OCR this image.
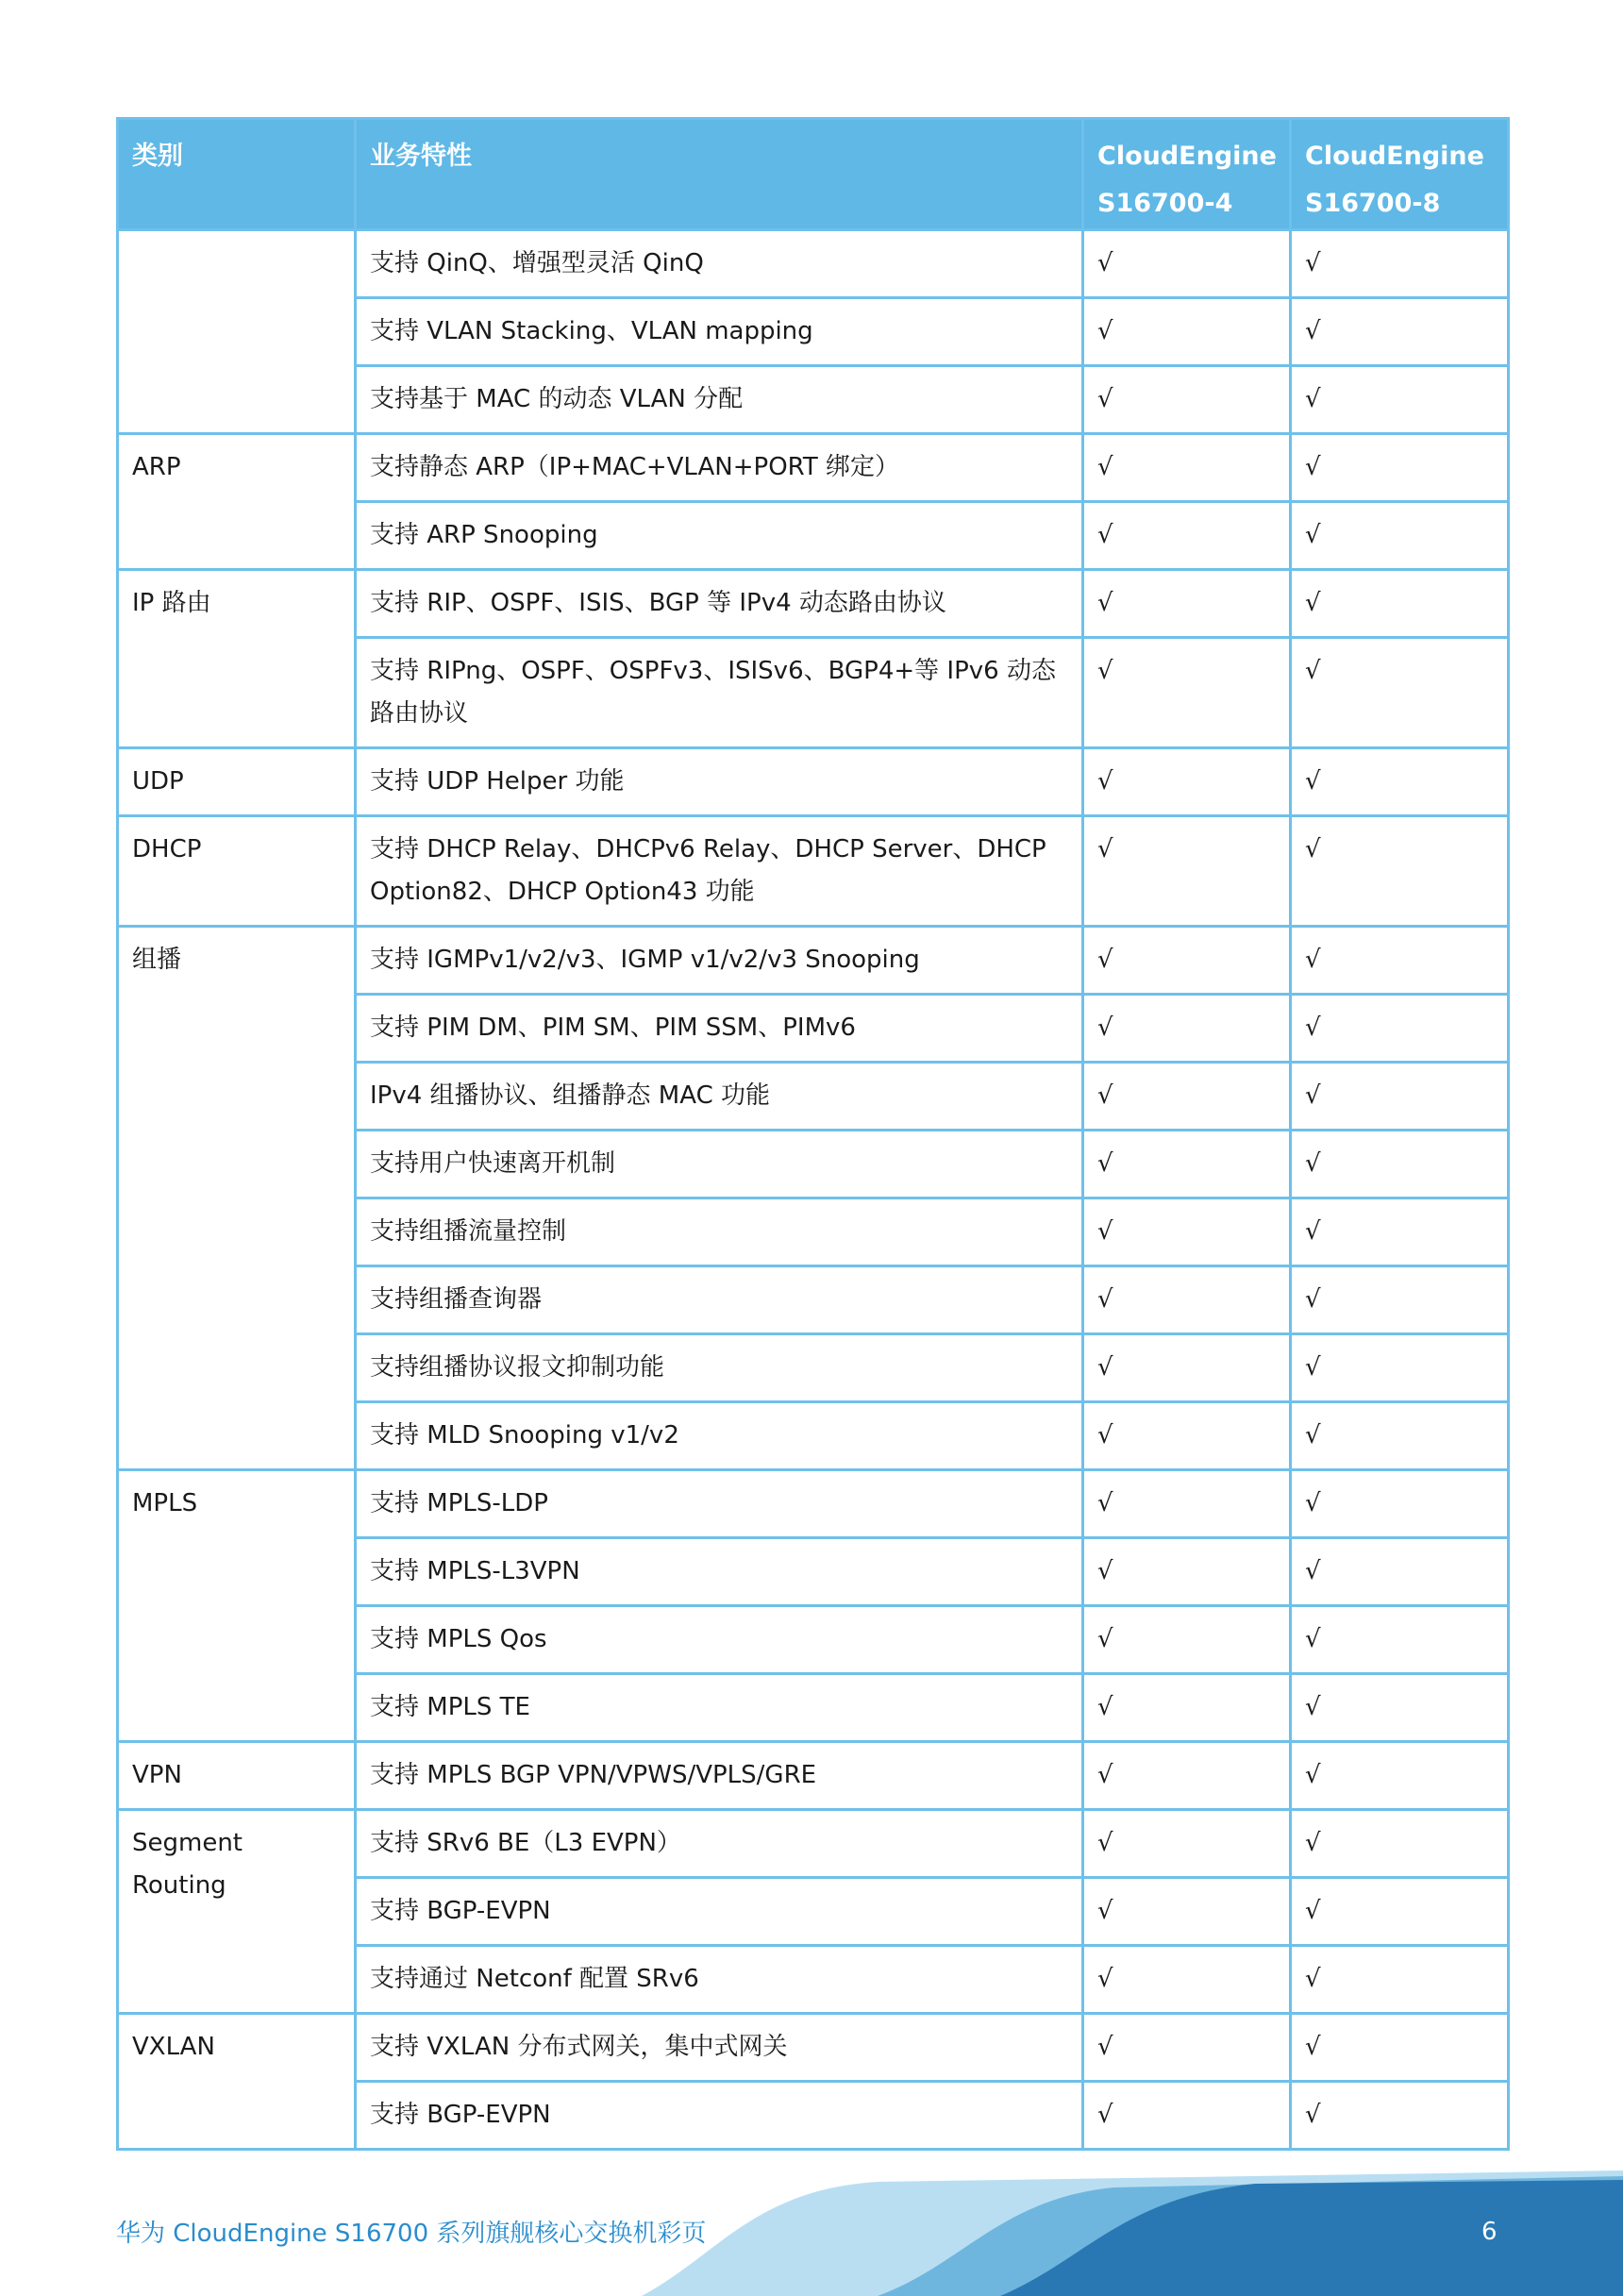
类别	业务特性	CloudEngine S16700-4	CloudEngine S16700-8
	支持 QinQ、增强型灵活 QinQ	√	√
	支持 VLAN Stacking、VLAN mapping	√	√
	支持基于 MAC 的动态 VLAN 分配	√	√
ARP	支持静态 ARP（IP+MAC+VLAN+PORT 绑定）	√	√
	支持 ARP Snooping	√	√
IP 路由	支持 RIP、OSPF、ISIS、BGP 等 IPv4 动态路由协议	√	√
	支持 RIPng、OSPF、OSPFv3、ISISv6、BGP4+等 IPv6 动态路由协议	√	√
UDP	支持 UDP Helper 功能	√	√
DHCP	支持 DHCP Relay、DHCPv6 Relay、DHCP Server、DHCP Option82、DHCP Option43 功能	√	√
组播	支持 IGMPv1/v2/v3、IGMP v1/v2/v3 Snooping	√	√
	支持 PIM DM、PIM SM、PIM SSM、PIMv6	√	√
	IPv4 组播协议、组播静态 MAC 功能	√	√
	支持用户快速离开机制	√	√
	支持组播流量控制	√	√
	支持组播查询器	√	√
	支持组播协议报文抑制功能	√	√
	支持 MLD Snooping v1/v2	√	√
MPLS	支持 MPLS-LDP	√	√
	支持 MPLS-L3VPN	√	√
	支持 MPLS Qos	√	√
	支持 MPLS TE	√	√
VPN	支持 MPLS BGP VPN/VPWS/VPLS/GRE	√	√
Segment Routing	支持 SRv6 BE（L3 EVPN）	√	√
	支持 BGP-EVPN	√	√
	支持通过 Netconf 配置 SRv6	√	√
VXLAN	支持 VXLAN 分布式网关，集中式网关	√	√
	支持 BGP-EVPN	√	√
华为 CloudEngine S16700 系列旗舰核心交换机彩页	6
